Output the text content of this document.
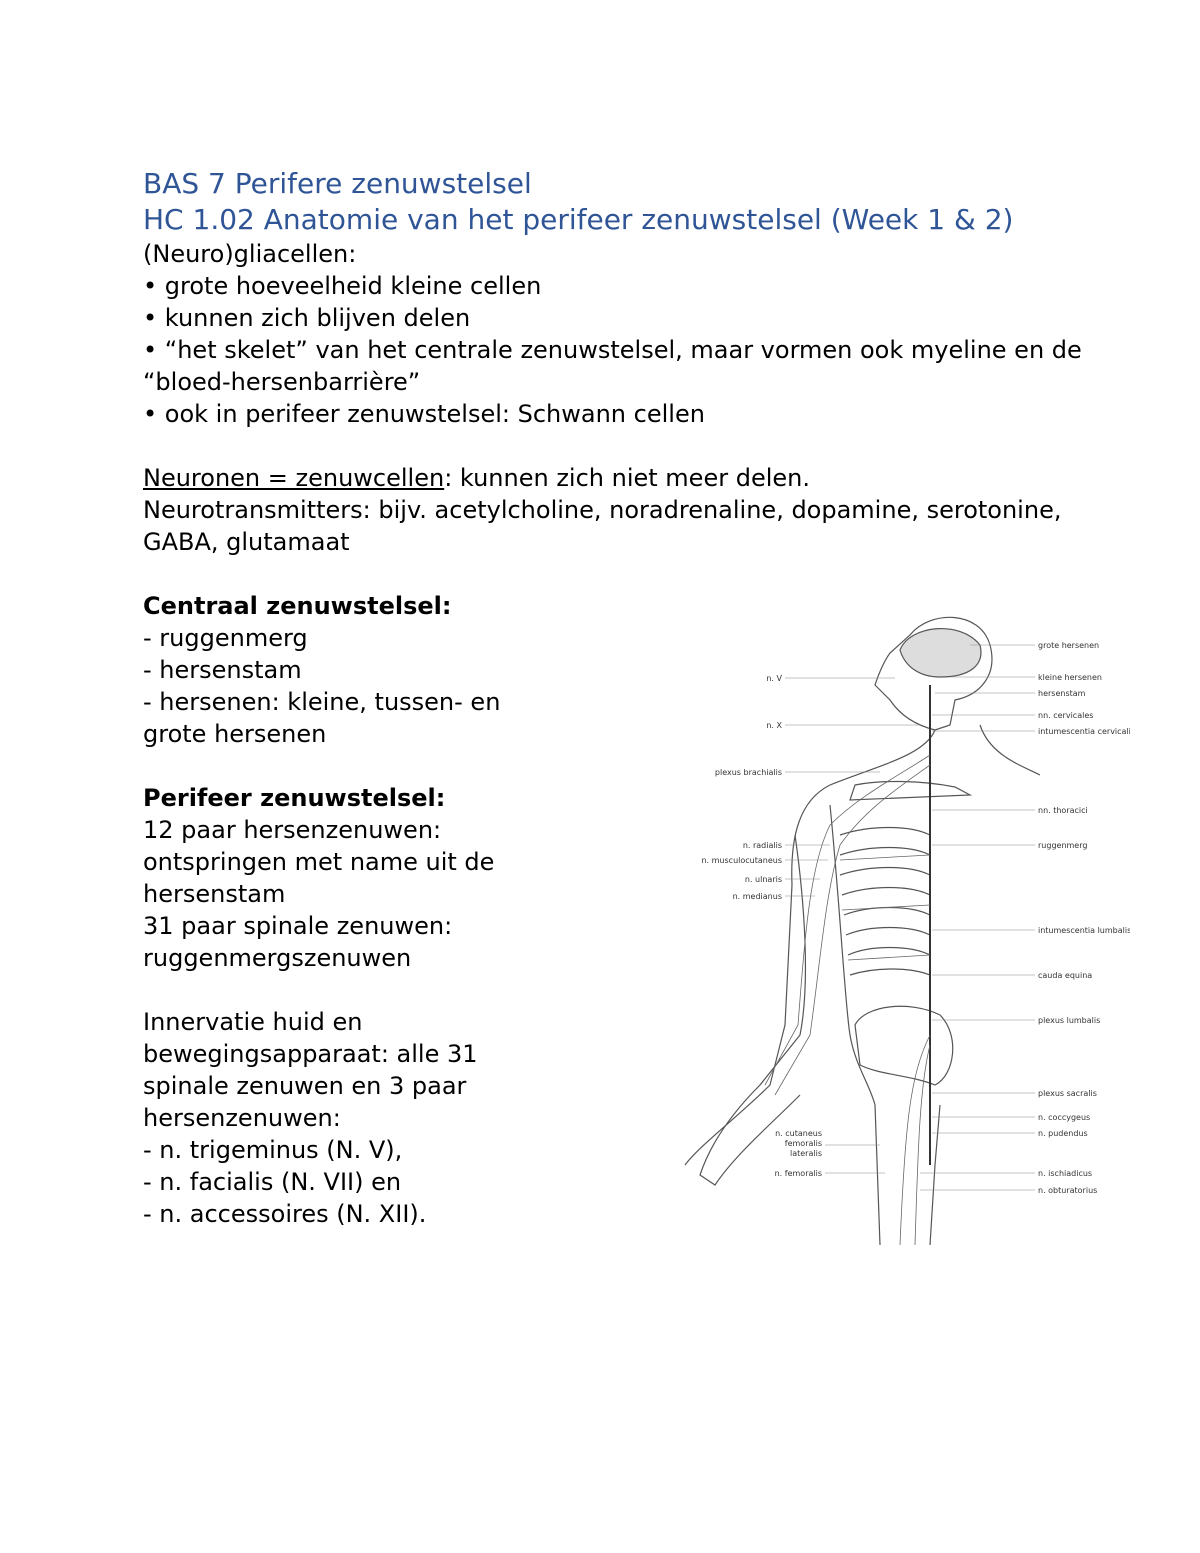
BAS 7 Perifere zenuwstelsel
HC 1.02 Anatomie van het perifeer zenuwstelsel (Week 1 & 2)

(Neuro)gliacellen:

• grote hoeveelheid kleine cellen
• kunnen zich blijven delen
• “het skelet” van het centrale zenuwstelsel, maar vormen ook myeline en de “bloed-hersenbarrière”
• ook in perifeer zenuwstelsel: Schwann cellen

Neuronen = zenuwcellen: kunnen zich niet meer delen.

Neurotransmitters: bijv. acetylcholine, noradrenaline, dopamine, serotonine, GABA, glutamaat

Centraal zenuwstelsel:

- ruggenmerg

- hersenstam

- hersenen: kleine, tussen- en grote hersenen

Perifeer zenuwstelsel:

12 paar hersenzenuwen: ontspringen met name uit de hersenstam

31 paar spinale zenuwen: ruggenmergszenuwen

Innervatie huid en bewegingsapparaat: alle 31 spinale zenuwen en 3 paar hersenzenuwen:

- n. trigeminus (N. V),

- n. facialis (N. VII) en

- n. accessoires (N. XII).

grote hersenen
kleine hersenen
hersenstam
nn. cervicales
intumescentia cervicalis
nn. thoracici
ruggenmerg
intumescentia lumbalis
cauda equina
plexus lumbalis
plexus sacralis
n. coccygeus
n. pudendus
n. ischiadicus
n. obturatorius
n. V
n. X
plexus brachialis
n. radialis
n. musculocutaneus
n. ulnaris
n. medianus
n. cutaneus
femoralis
lateralis
n. femoralis
